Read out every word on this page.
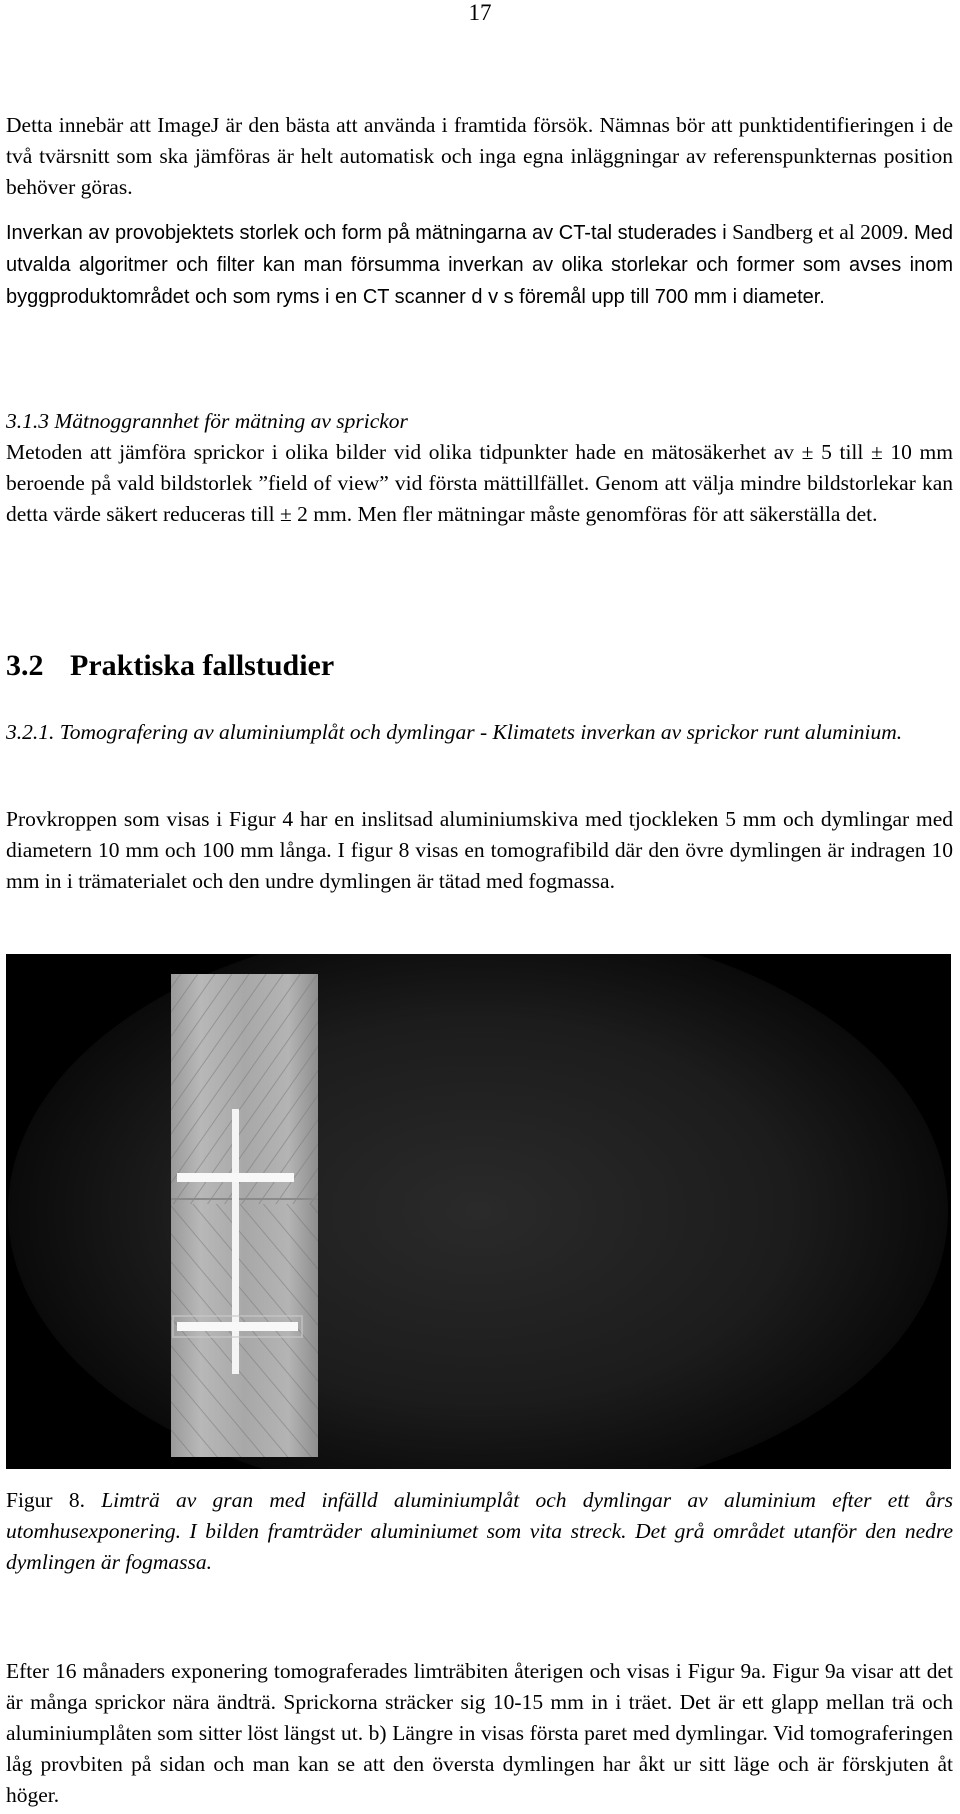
17

Detta innebär att ImageJ är den bästa att använda i framtida försök. Nämnas bör att punktidentifieringen i de två tvärsnitt som ska jämföras är helt automatisk och inga egna inläggningar av referenspunkternas position behöver göras.

Inverkan av provobjektets storlek och form på mätningarna av CT-tal studerades i Sandberg et al 2009. Med utvalda algoritmer och filter kan man försumma inverkan av olika storlekar och former som avses inom byggproduktområdet och som ryms i en CT scanner d v s föremål upp till 700 mm i diameter.

3.1.3 Mätnoggrannhet för mätning av sprickor

Metoden att jämföra sprickor i olika bilder vid olika tidpunkter hade en mätosäkerhet av ± 5 till ± 10 mm beroende på vald bildstorlek ”field of view” vid första mättillfället. Genom att välja mindre bildstorlekar kan detta värde säkert reduceras till ± 2 mm. Men fler mätningar måste genomföras för att säkerställa det.

3.2 Praktiska fallstudier

3.2.1. Tomografering av aluminiumplåt och dymlingar - Klimatets inverkan av sprickor runt aluminium.

Provkroppen som visas i Figur 4 har en inslitsad aluminiumskiva med tjockleken 5 mm och dymlingar med diametern 10 mm och 100 mm långa. I figur 8 visas en tomografibild där den övre dymlingen är indragen 10 mm in i trämaterialet och den undre dymlingen är tätad med fogmassa.

Figur 8. Limträ av gran med infälld aluminiumplåt och dymlingar av aluminium efter ett års utomhusexponering. I bilden framträder aluminiumet som vita streck. Det grå området utanför den nedre dymlingen är fogmassa.

Efter 16 månaders exponering tomograferades limträbiten återigen och visas i Figur 9a. Figur 9a visar att det är många sprickor nära ändträ. Sprickorna sträcker sig 10-15 mm in i träet. Det är ett glapp mellan trä och aluminiumplåten som sitter löst längst ut. b) Längre in visas första paret med dymlingar. Vid tomograferingen låg provbiten på sidan och man kan se att den översta dymlingen har åkt ur sitt läge och är förskjuten åt höger.
